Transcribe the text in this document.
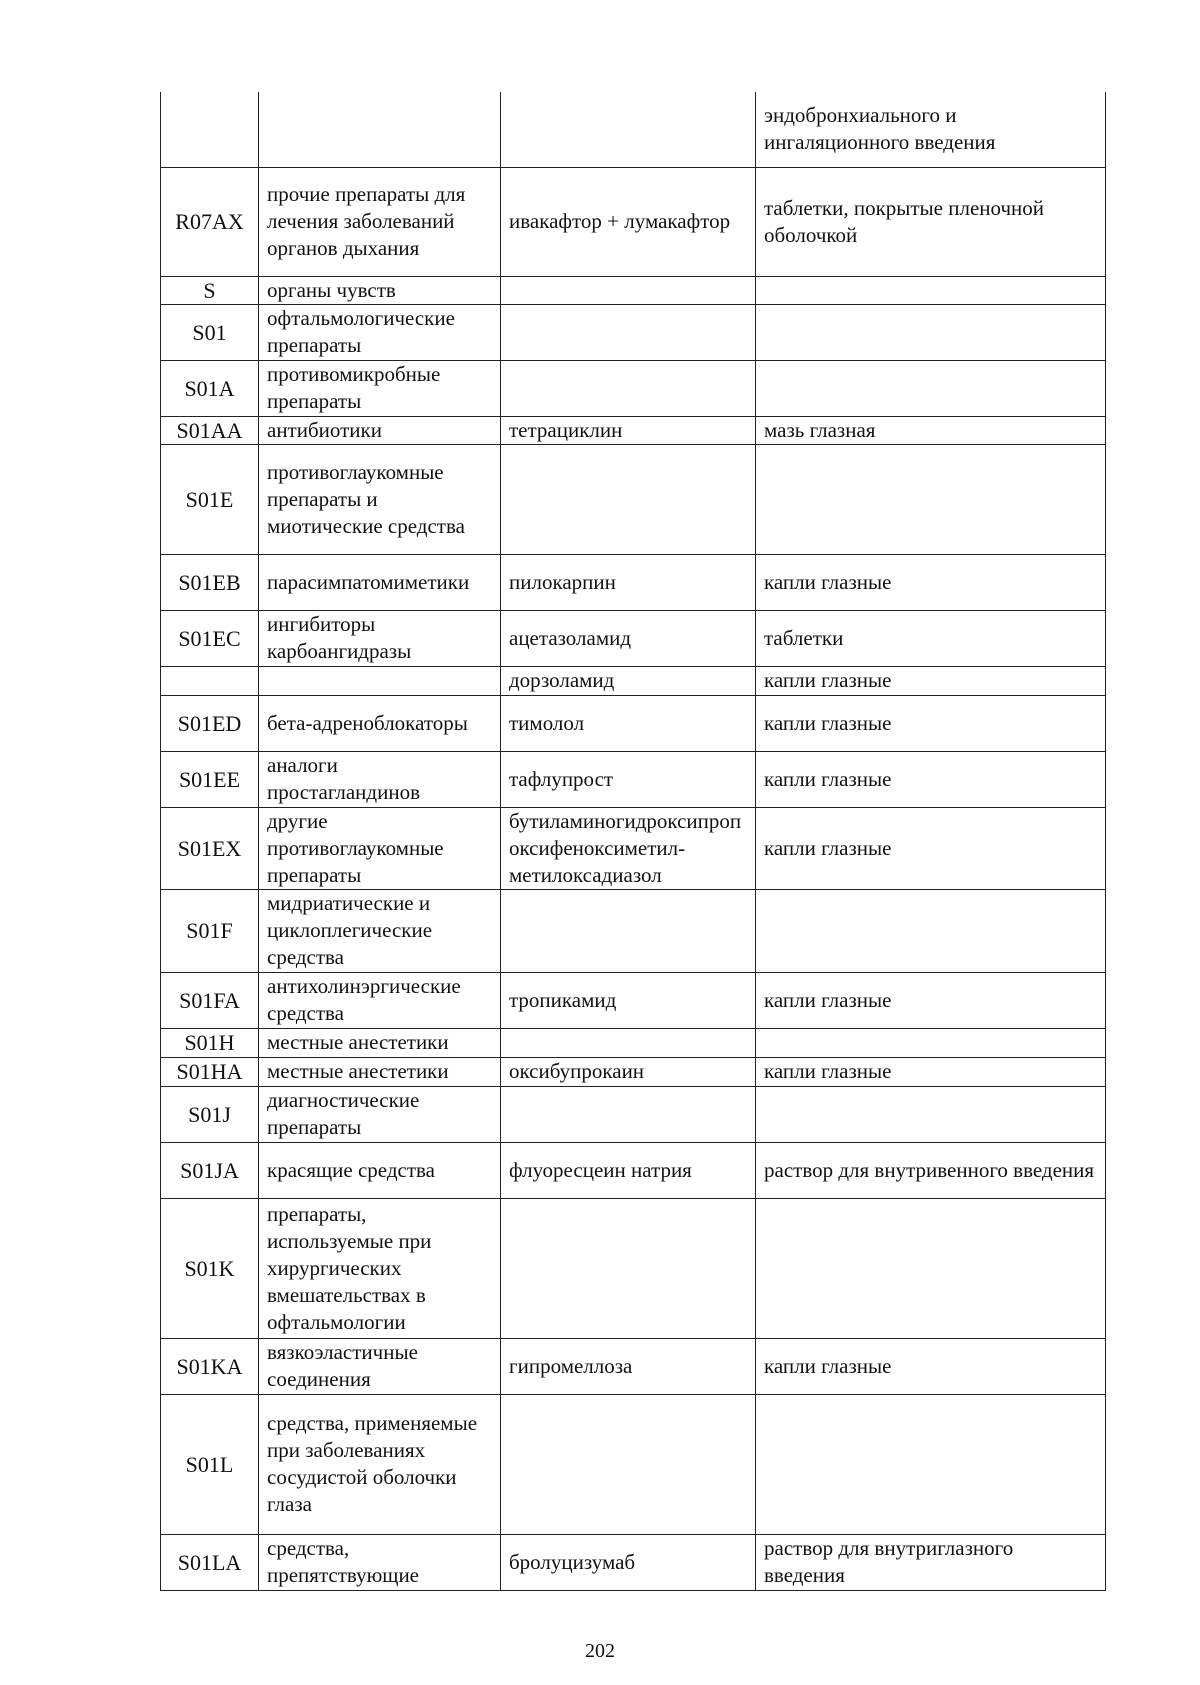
			эндобронхиального и ингаляционного введения
R07AX	прочие препараты для лечения заболеваний органов дыхания	ивакафтор + лумакафтор	таблетки, покрытые пленочной оболочкой
S	органы чувств		
S01	офтальмологические препараты		
S01A	противомикробные препараты		
S01AA	антибиотики	тетрациклин	мазь глазная
S01E	противоглаукомные препараты и миотические средства		
S01EB	парасимпатомиметики	пилокарпин	капли глазные
S01EC	ингибиторы карбоангидразы	ацетазоламид	таблетки
		дорзоламид	капли глазные
S01ED	бета-адреноблокаторы	тимолол	капли глазные
S01EE	аналоги простагландинов	тафлупрост	капли глазные
S01EX	другие противоглаукомные препараты	бутиламиногидроксипропоксифеноксиметил-метилоксадиазол	капли глазные
S01F	мидриатические и циклоплегические средства		
S01FA	антихолинэргические средства	тропикамид	капли глазные
S01H	местные анестетики		
S01HA	местные анестетики	оксибупрокаин	капли глазные
S01J	диагностические препараты		
S01JA	красящие средства	флуоресцеин натрия	раствор для внутривенного введения
S01K	препараты, используемые при хирургических вмешательствах в офтальмологии		
S01KA	вязкоэластичные соединения	гипромеллоза	капли глазные
S01L	средства, применяемые при заболеваниях сосудистой оболочки глаза		
S01LA	средства, препятствующие	бролуцизумаб	раствор для внутриглазного введения
202
